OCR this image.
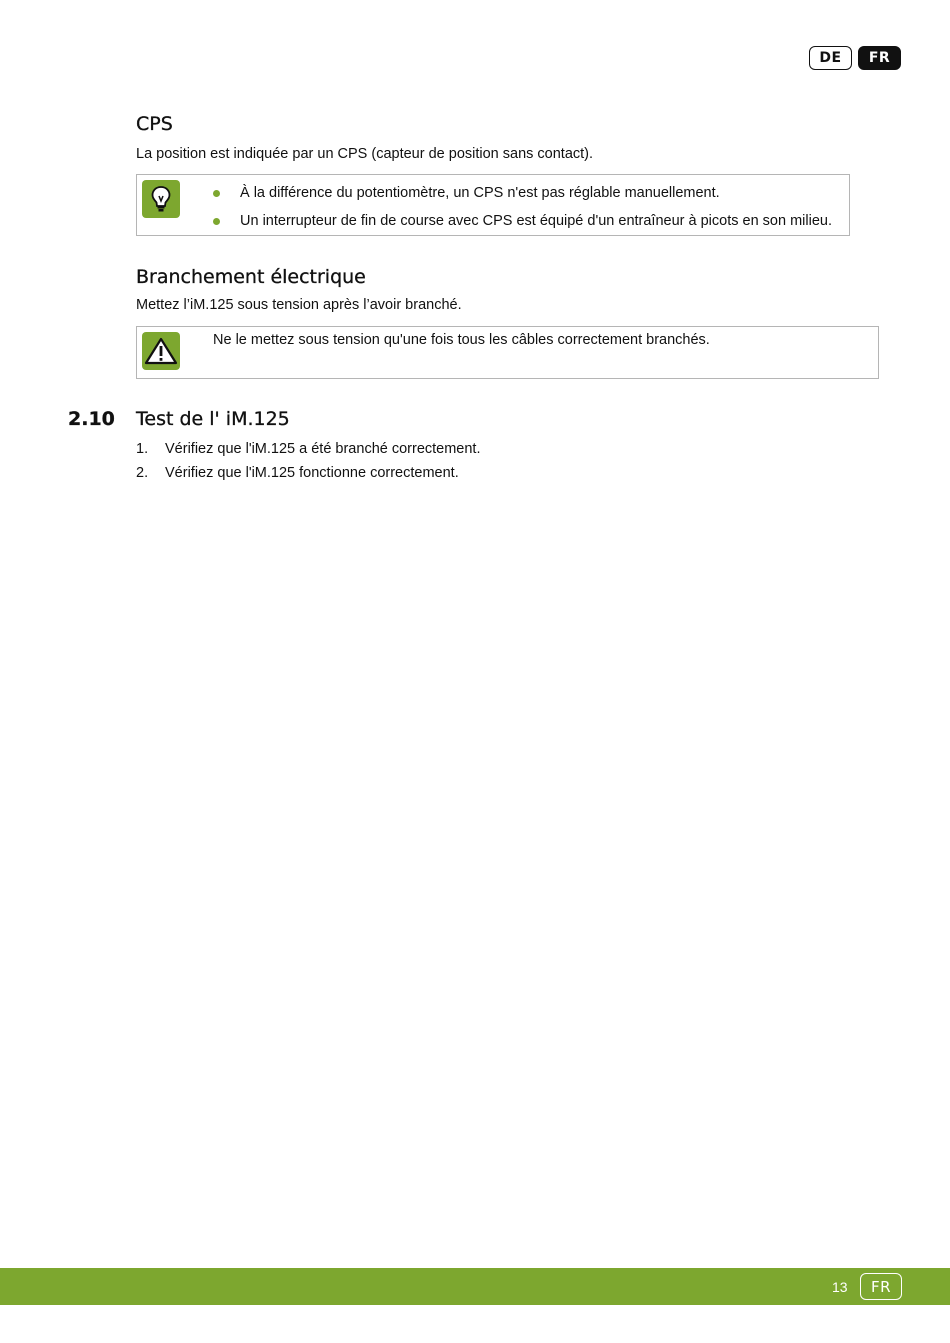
DE	FR
CPS

La position est indiquée par un CPS (capteur de position sans contact).

À la différence du potentiomètre, un CPS n'est pas réglable manuellement.
Un interrupteur de fin de course avec CPS est équipé d'un entraîneur à picots en son milieu.
Branchement électrique

Mettez l’iM.125 sous tension après l’avoir branché.

Ne le mettez sous tension qu'une fois tous les câbles correctement branchés.
2.10 Test de l' iM.125
1. Vérifiez que l'iM.125 a été branché correctement.
2. Vérifiez que l'iM.125 fonctionne correctement.
13	FR
